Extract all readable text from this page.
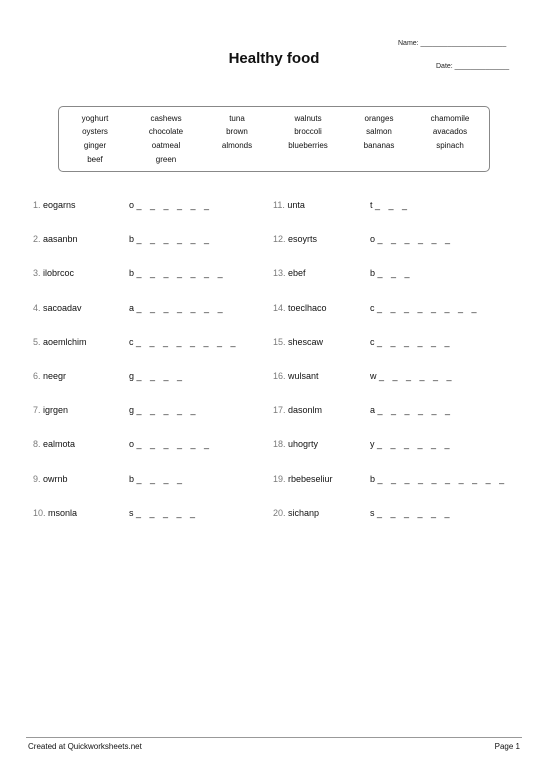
Name: ______________________
Healthy food	Date: ______________
yoghurt	cashews	tuna	walnuts	oranges	chamomile
oysters	chocolate	brown	broccoli	salmon	avacados
ginger	oatmeal	almonds	blueberries	bananas	spinach
beef	green
1. eogarns	o _ _ _ _ _ _
2. aasanbn	b _ _ _ _ _ _
3. ilobrcoc	b _ _ _ _ _ _ _
4. sacoadav	a _ _ _ _ _ _ _
5. aoemlchim	c _ _ _ _ _ _ _ _
6. neegr	g _ _ _ _
7. igrgen	g _ _ _ _ _
8. ealmota	o _ _ _ _ _ _
9. owrnb	b _ _ _ _
10. msonla	s _ _ _ _ _
11. unta	t _ _ _
12. esoyrts	o _ _ _ _ _ _
13. ebef	b _ _ _
14. toeclhaco	c _ _ _ _ _ _ _ _
15. shescaw	c _ _ _ _ _ _
16. wulsant	w _ _ _ _ _ _
17. dasonlm	a _ _ _ _ _ _
18. uhogrty	y _ _ _ _ _ _
19. rbebeseliur	b _ _ _ _ _ _ _ _ _ _
20. sichanp	s _ _ _ _ _ _
Created at Quickworksheets.net	Page 1
